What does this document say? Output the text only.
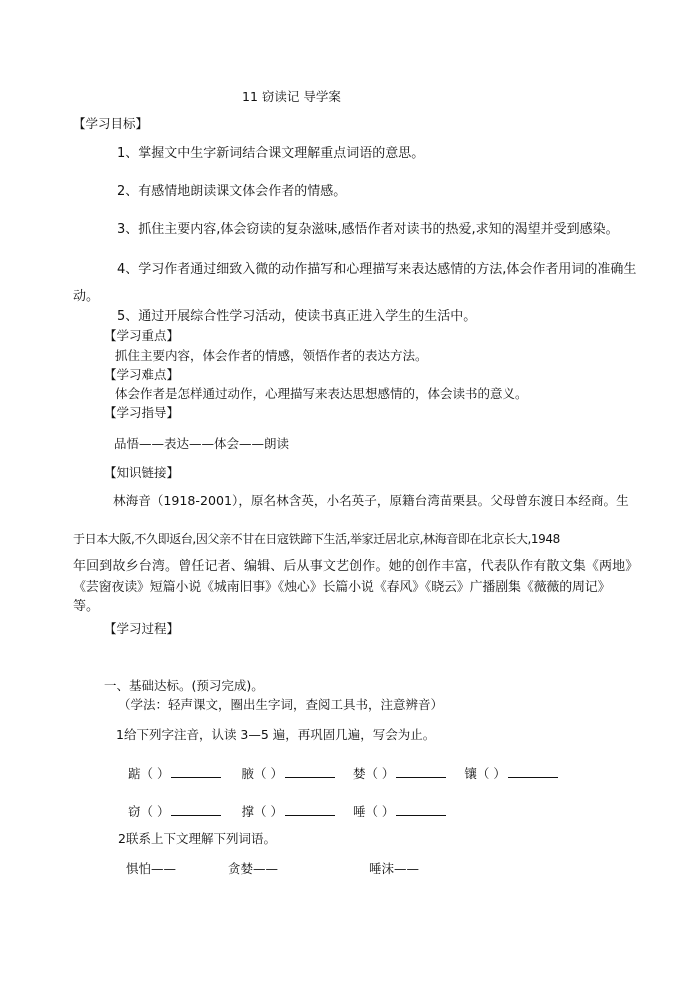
11 窃读记 导学案
【学习目标】
1、掌握文中生字新词结合课文理解重点词语的意思。
2、有感情地朗读课文体会作者的情感。
3、抓住主要内容,体会窃读的复杂滋味,感悟作者对读书的热爱,求知的渴望并受到感染。
4、学习作者通过细致入微的动作描写和心理描写来表达感情的方法,体会作者用词的准确生
动。
5、通过开展综合性学习活动，使读书真正进入学生的生活中。
【学习重点】
抓住主要内容，体会作者的情感，领悟作者的表达方法。
【学习难点】
体会作者是怎样通过动作，心理描写来表达思想感情的，体会读书的意义。
【学习指导】
品悟——表达——体会——朗读
【知识链接】
林海音（1918-2001），原名林含英，小名英子，原籍台湾苗栗县。父母曾东渡日本经商。生
于日本大阪,不久即返台,因父亲不甘在日寇铁蹄下生活,举家迁居北京,林海音即在北京长大,1948
年回到故乡台湾。曾任记者、编辑、后从事文艺创作。她的创作丰富，代表队作有散文集《两地》
《芸窗夜读》短篇小说《城南旧事》《烛心》长篇小说《春风》《晓云》广播剧集《薇薇的周记》
等。
【学习过程】
一、基础达标。(预习完成)。
（学法：轻声课文，圈出生字词，查阅工具书，注意辨音）
1给下列字注音，认读 3—5 遍，再巩固几遍，写会为止。
踮（ ）	腋（ ）	婪（ ）	镶（ ）
窃（ ）	撑（ ）	唾（ ）
2联系上下文理解下列词语。
惧怕——	贪婪——	唾沫——
